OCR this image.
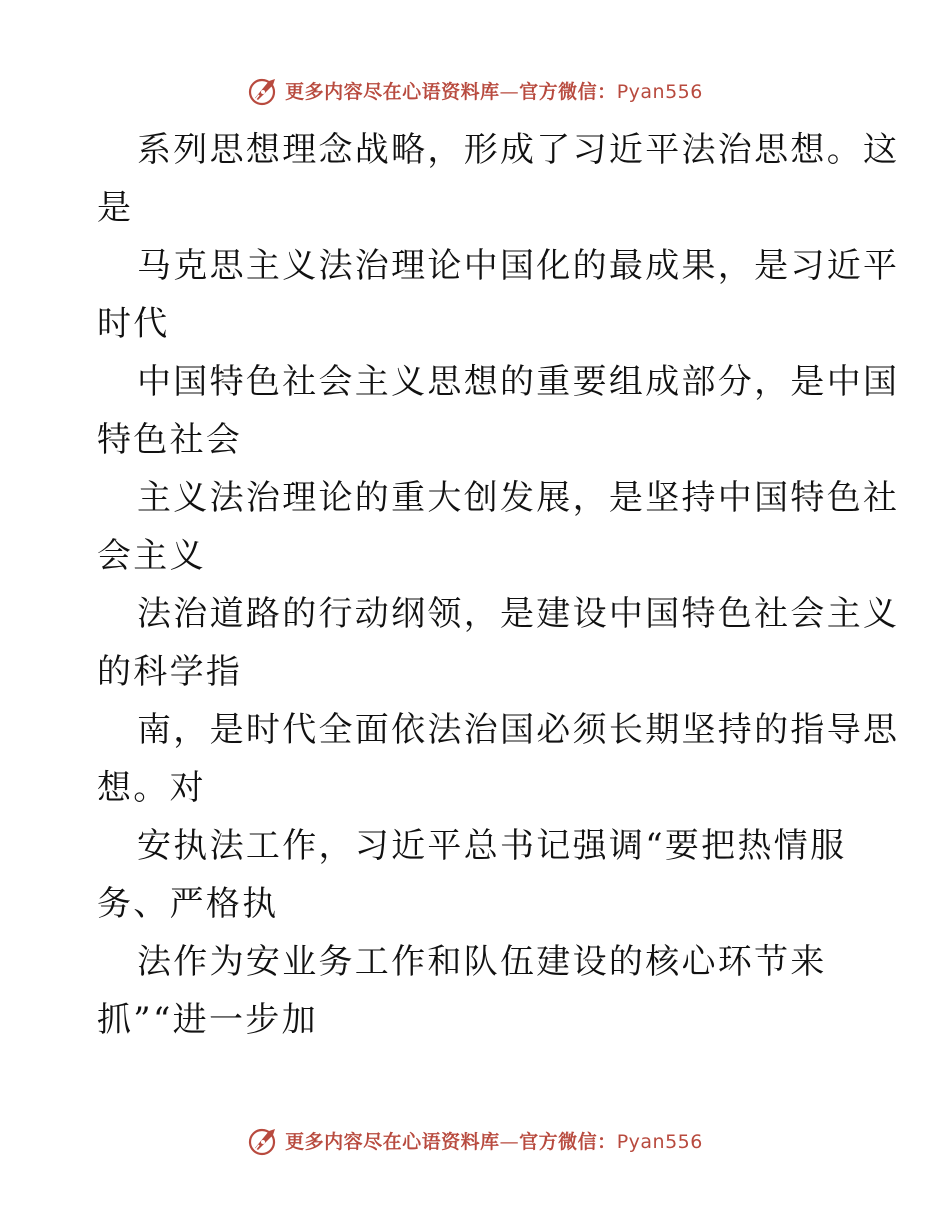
更多内容尽在心语资料库—官方微信：Pyan556
系列思想理念战略，形成了习近平法治思想。这
是
马克思主义法治理论中国化的最成果，是习近平
时代
中国特色社会主义思想的重要组成部分，是中国
特色社会
主义法治理论的重大创发展，是坚持中国特色社
会主义
法治道路的行动纲领，是建设中国特色社会主义
的科学指
南，是时代全面依法治国必须长期坚持的指导思
想。对
安执法工作，习近平总书记强调“要把热情服
务、严格执
法作为安业务工作和队伍建设的核心环节来
抓”“进一步加
更多内容尽在心语资料库—官方微信：Pyan556
